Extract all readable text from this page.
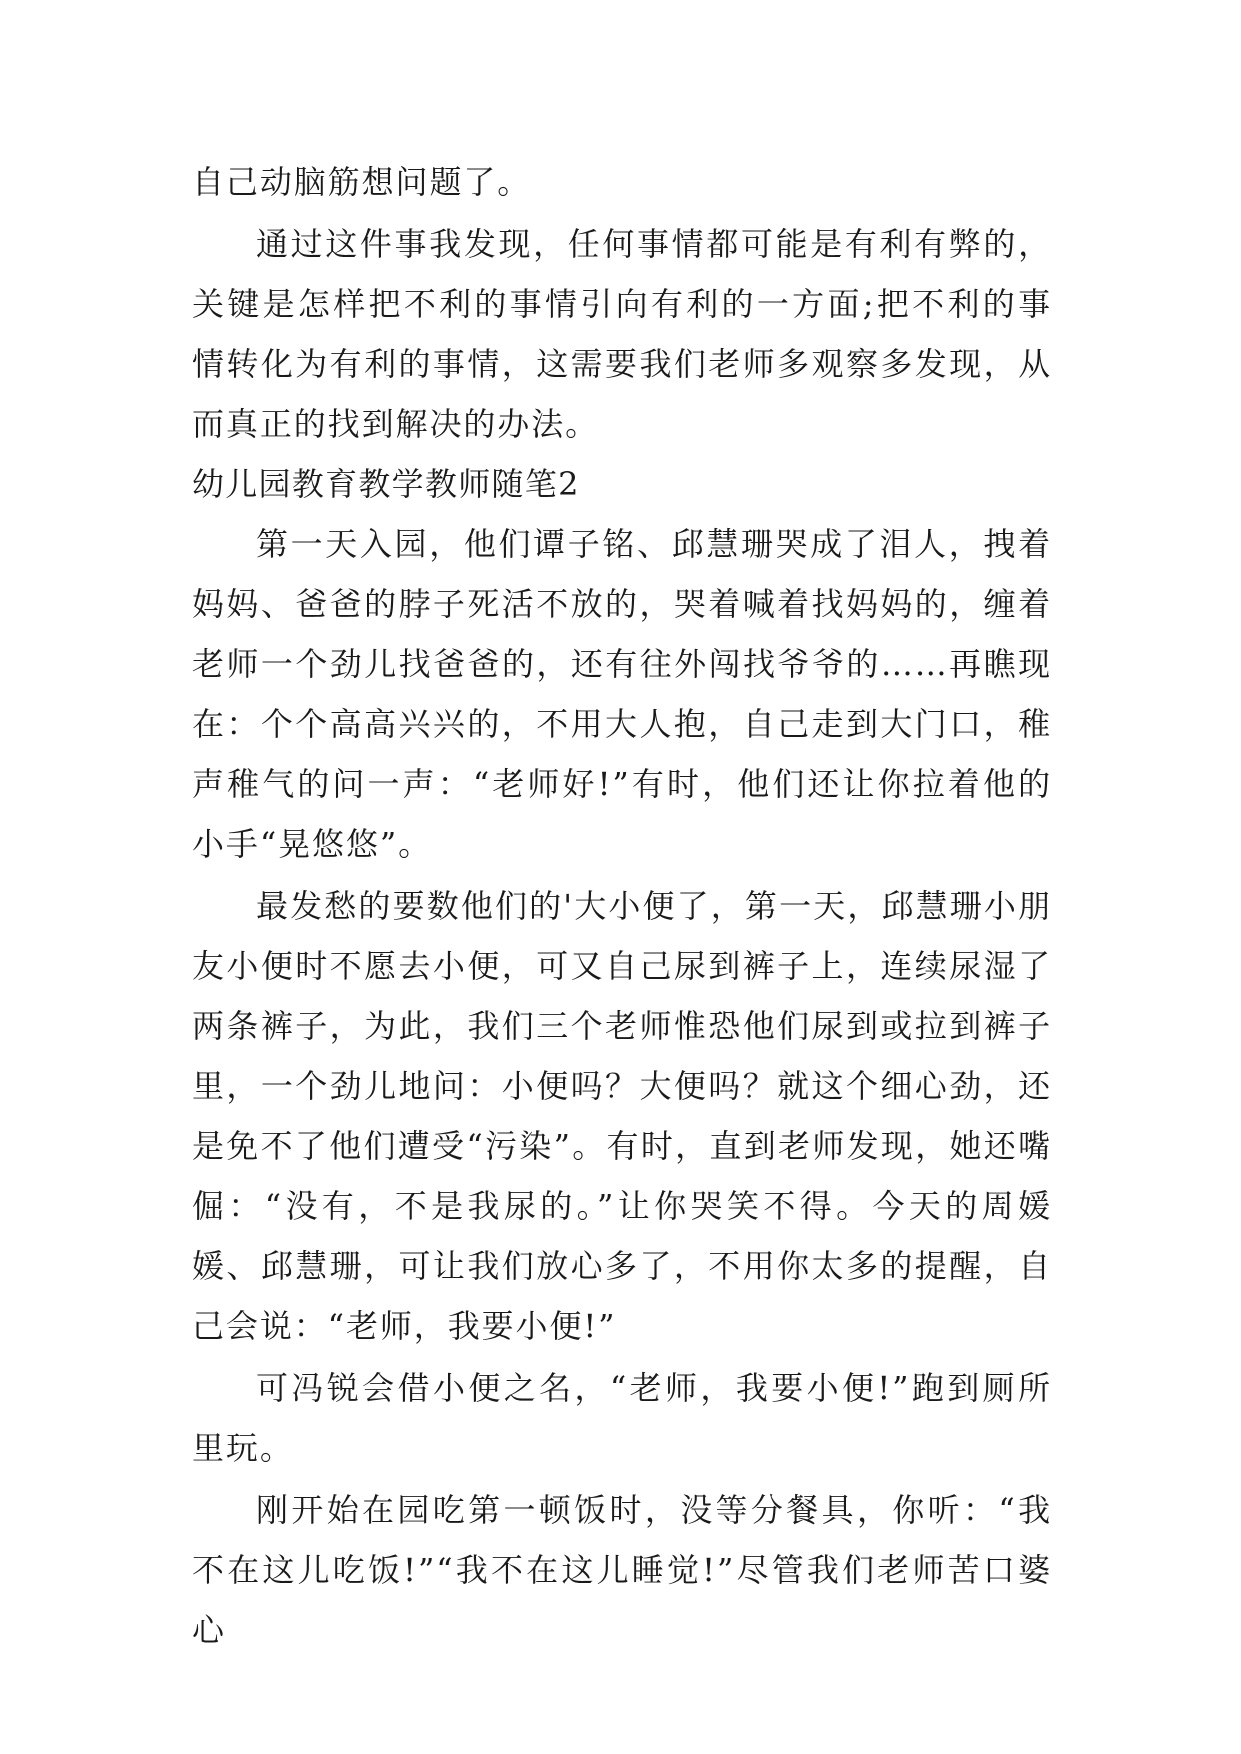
自己动脑筋想问题了。

通过这件事我发现，任何事情都可能是有利有弊的，关键是怎样把不利的事情引向有利的一方面;把不利的事情转化为有利的事情，这需要我们老师多观察多发现，从而真正的找到解决的办法。

幼儿园教育教学教师随笔2

第一天入园，他们谭子铭、邱慧珊哭成了泪人，拽着妈妈、爸爸的脖子死活不放的，哭着喊着找妈妈的，缠着老师一个劲儿找爸爸的，还有往外闯找爷爷的……再瞧现在：个个高高兴兴的，不用大人抱，自己走到大门口，稚声稚气的问一声：“老师好!”有时，他们还让你拉着他的小手“晃悠悠”。

最发愁的要数他们的'大小便了，第一天，邱慧珊小朋友小便时不愿去小便，可又自己尿到裤子上，连续尿湿了两条裤子，为此，我们三个老师惟恐他们尿到或拉到裤子里，一个劲儿地问：小便吗？大便吗？就这个细心劲，还是免不了他们遭受“污染”。有时，直到老师发现，她还嘴倔：“没有，不是我尿的。”让你哭笑不得。今天的周媛媛、邱慧珊，可让我们放心多了，不用你太多的提醒，自己会说：“老师，我要小便!”

可冯锐会借小便之名，“老师，我要小便!”跑到厕所里玩。

刚开始在园吃第一顿饭时，没等分餐具，你听：“我不在这儿吃饭!”“我不在这儿睡觉!”尽管我们老师苦口婆心
